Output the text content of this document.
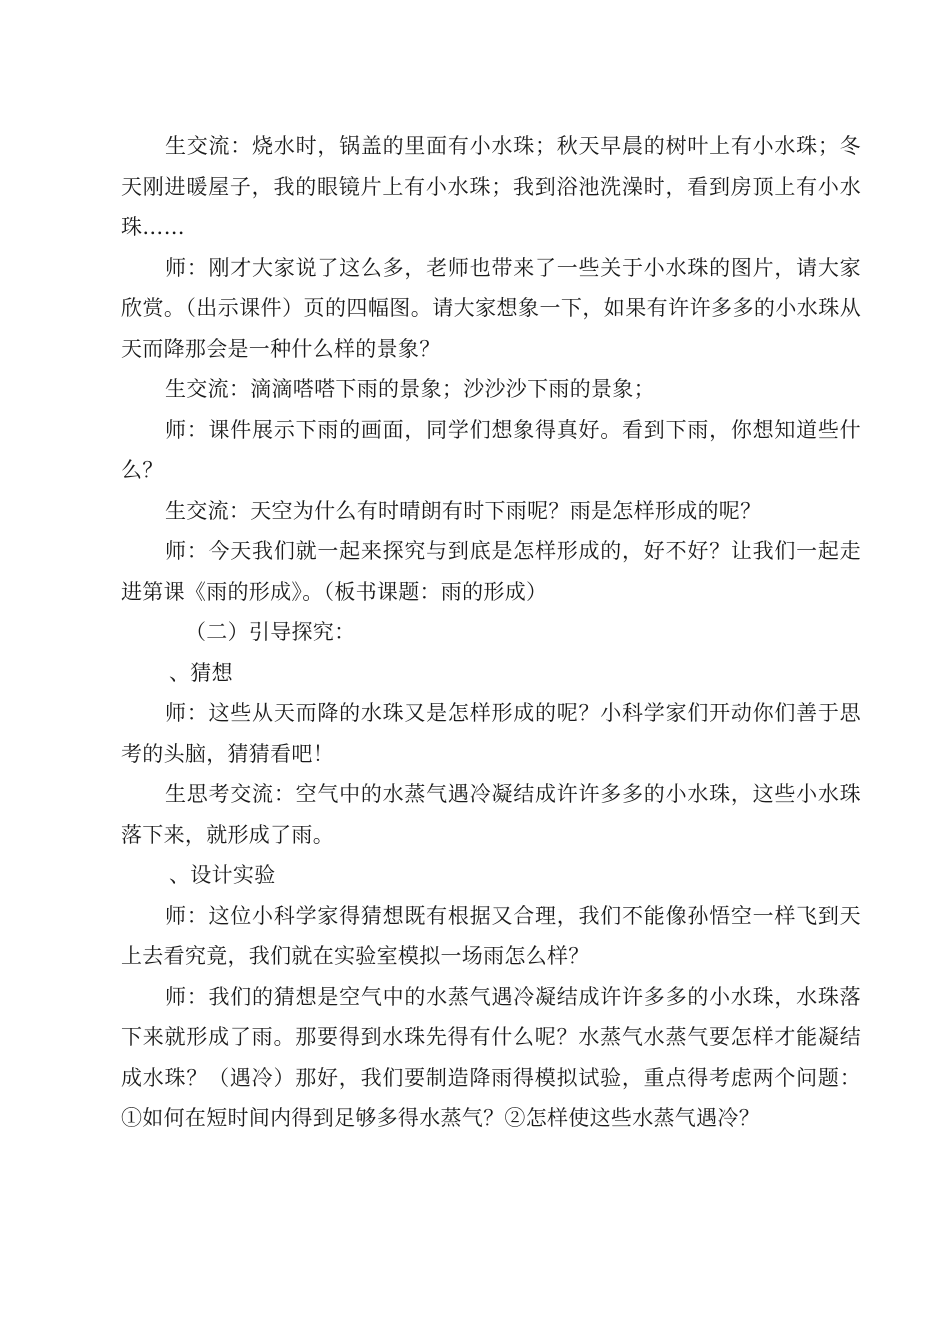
生交流：烧水时，锅盖的里面有小水珠；秋天早晨的树叶上有小水珠；冬天刚进暖屋子，我的眼镜片上有小水珠；我到浴池洗澡时，看到房顶上有小水珠……

师：刚才大家说了这么多，老师也带来了一些关于小水珠的图片，请大家欣赏。（出示课件）页的四幅图。请大家想象一下，如果有许许多多的小水珠从天而降那会是一种什么样的景象？

生交流：滴滴嗒嗒下雨的景象；沙沙沙下雨的景象；

师：课件展示下雨的画面，同学们想象得真好。看到下雨，你想知道些什么？

生交流：天空为什么有时晴朗有时下雨呢？雨是怎样形成的呢？

师：今天我们就一起来探究与到底是怎样形成的，好不好？让我们一起走进第课《雨的形成》。（板书课题：雨的形成）

（二）引导探究：

、猜想

师：这些从天而降的水珠又是怎样形成的呢？小科学家们开动你们善于思考的头脑，猜猜看吧！

生思考交流：空气中的水蒸气遇冷凝结成许许多多的小水珠，这些小水珠落下来，就形成了雨。

、设计实验

师：这位小科学家得猜想既有根据又合理，我们不能像孙悟空一样飞到天上去看究竟，我们就在实验室模拟一场雨怎么样？

师：我们的猜想是空气中的水蒸气遇冷凝结成许许多多的小水珠，水珠落下来就形成了雨。那要得到水珠先得有什么呢？水蒸气水蒸气要怎样才能凝结成水珠？（遇冷）那好，我们要制造降雨得模拟试验，重点得考虑两个问题：①如何在短时间内得到足够多得水蒸气？②怎样使这些水蒸气遇冷？
